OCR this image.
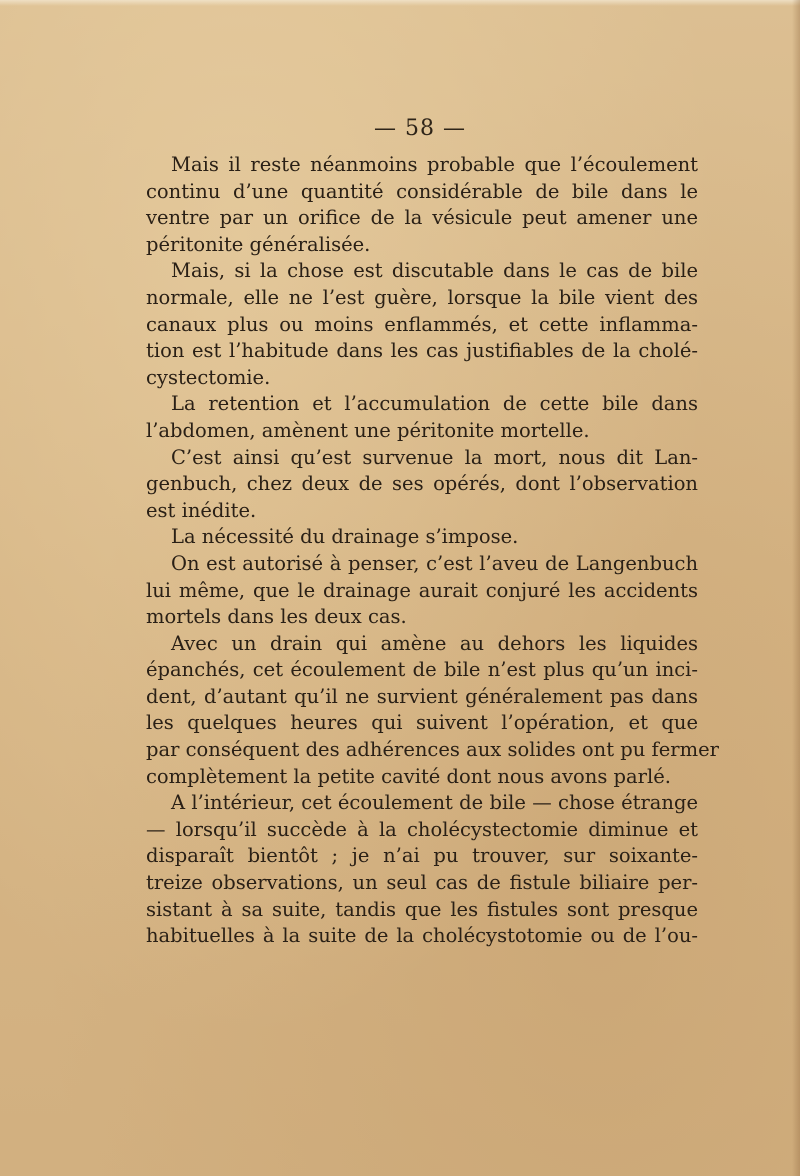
— 58 —
Mais il reste néanmoins probable que l’écoulement
continu d’une quantité considérable de bile dans le
ventre par un orifice de la vésicule peut amener une
péritonite généralisée.
Mais, si la chose est discutable dans le cas de bile
normale, elle ne l’est guère, lorsque la bile vient des
canaux plus ou moins enflammés, et cette inflamma-
tion est l’habitude dans les cas justifiables de la cholé-
cystectomie.
La retention et l’accumulation de cette bile dans
l’abdomen, amènent une péritonite mortelle.
C’est ainsi qu’est survenue la mort, nous dit Lan-
genbuch, chez deux de ses opérés, dont l’observation
est inédite.
La nécessité du drainage s’impose.
On est autorisé à penser, c’est l’aveu de Langenbuch
lui même, que le drainage aurait conjuré les accidents
mortels dans les deux cas.
Avec un drain qui amène au dehors les liquides
épanchés, cet écoulement de bile n’est plus qu’un inci-
dent, d’autant qu’il ne survient généralement pas dans
les quelques heures qui suivent l’opération, et que
par conséquent des adhérences aux solides ont pu fermer
complètement la petite cavité dont nous avons parlé.
A l’intérieur, cet écoulement de bile — chose étrange
— lorsqu’il succède à la cholécystectomie diminue et
disparaît bientôt ; je n’ai pu trouver, sur soixante-
treize observations, un seul cas de fistule biliaire per-
sistant à sa suite, tandis que les fistules sont presque
habituelles à la suite de la cholécystotomie ou de l’ou-
